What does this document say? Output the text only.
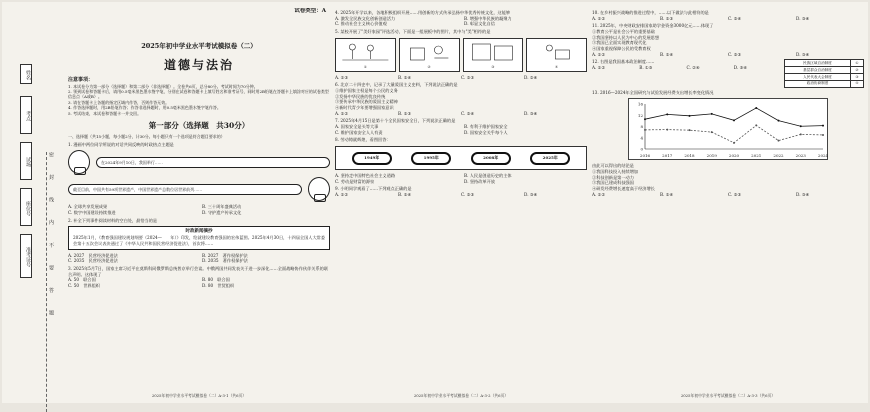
姓名
考点
试场
座位号
准考证号	密 封 线 内 不 要 答 题
试卷类型：A
2025年初中学业水平考试模拟卷（二）
道德与法治
注意事项：
1. 本试卷分为第一部分（选择题）和第二部分（非选择题）。全卷共6页，总分80分。考试时间为70分钟。
2. 领到试卷和答题卡后，请用0.5毫米黑色墨水签字笔，分别在试卷和答题卡上填写姓名和准考证号，同时用2B铅笔在答题卡上填涂对应的试卷类型信息点（A或B）。
3. 请在答题卡上各题的指定区域内作答，否则作答无效。
4. 作答选择题时，用2B铅笔作答；作答非选择题时，用0.5毫米黑色墨水签字笔作答。
5. 考试结束，本试卷和答题卡一并交回。
第一部分（选择题　共30分）
一、选择题（共15小题，每小题2分，计30分。每小题只有一个选项是符合题目要求的）
1. 漫画中两位同学所说的对话共同反映的时政热点主题是
在2024年9月10日，我国举行……
截至目前，中国共有59项世界遗产，中国世界遗产总数位居世界前列……
A. 全球共享发展成果	B. 三十周年盛典活动
C. 数字中国建设持续推进	D. 守护遗产传承文化
2. 补全下列事件阅读材料的空白处，最恰当的是
时政新闻摘抄
2025年1月，《教育强国建设规划纲要（2024—　　年）》印发，绘就建设教育强国的宏伟蓝图。2025年4月30日，十四届全国人大常委会第十五次会议表决通过了《中华人民共和国民营经济促进法》，首次将……
A. 2027　民营经济促进法	B. 2027　著作权保护法
C. 2035　民营经济促进法	D. 2035　著作权保护法
3. 2025年5月7日，国家主席习近平在莫斯科同俄罗斯总统普京举行会谈。中俄两国共同发表关于进一步深化……全面战略协作伙伴关系的联合声明。这体现了
A. 50　联合国	B. 80　联合国
C. 50　世界组织	D. 80　世贸组织
2025年初中学业水平考试模拟卷（二）A-3-1（共6页）
4. 2025年开学以来，各地积极组织开展……用创新的方式传承弘扬中华优秀传统文化，这能够
A. 激发全民族文化创新创造活力	B. 增强中华民族的凝聚力
C. 推动社会主义核心价值观	D. 彰显文化自信
5. 某校开展了"美好家园"评选活动，下面是一组展板中的图片，其中与"美"相符的是
①	②	③	④
A. ①③	B. ①④	C. ②③	D. ②④
6. 北京二十四史中，记录了大量爱国主义史料，下列说法正确的是
①维护国家主权是每个公民的义务
②发扬中华民族的优良传统
③要传承中华民族的爱国主义精神
④新时代青少年要增强国家意识
A. ①②	B. ①③	C. ②④	D. ③④
7. 2025年4月15日是第十个全民国家安全日，下列说法正确的是
A. 国家安全是头等大事	B. 有利于维护国家安全
C. 维护国家安全人人有责	D. 国家安全关乎每个人
8. 劳动铸就辉煌，看图回答：
1949年	1995年	2008年	2025年
A. 坚持走中国特色社会主义道路	B. 人民是创造历史的主体
C. 劳动是财富的源泉	D. 坚持改革开放
9. 小明同学观看了……下列观点正确的是
A. ①②	B. ①④	C. ②③	D. ③④
2025年初中学业水平考试模拟卷（二）A-3-2（共6页）
10. 在乡村振兴战略的推进过程中，……以下做法与此相符的是
A. ①②	B. ①③	C. ②④	D. ③④
11. 2025年，中央财政安排国家助学金资金3000亿元……体现了
①教育公平是社会公平的重要基础
②我国坚持以人民为中心的发展思想
③我国已全面实现教育现代化
④国家重视保障公民的受教育权
A. ①②	B. ①④	C. ②③	D. ③④
12. 右图是我国基本政治制度……
A. ①②	B. ①③	C. ②④	D. ③④
民族区域自治制度	①
基层群众自治制度	②
人民代表大会制度	③
政治协商制度	④
13. 2016—2024年全国研究与试验发展经费支出增长率变化情况
0
4
8
12
16
2016	2017	2018	2019	2020	2021	2022	2023	2024
由此可以得出的结论是
①我国科技投入持续增加
②科技创新是第一动力
③我国已建成科技强国
④研发经费增长速度高于经济增长
A. ①②	B. ①④	C. ②③	D. ③④
2025年初中学业水平考试模拟卷（二）A-3-3（共6页）
